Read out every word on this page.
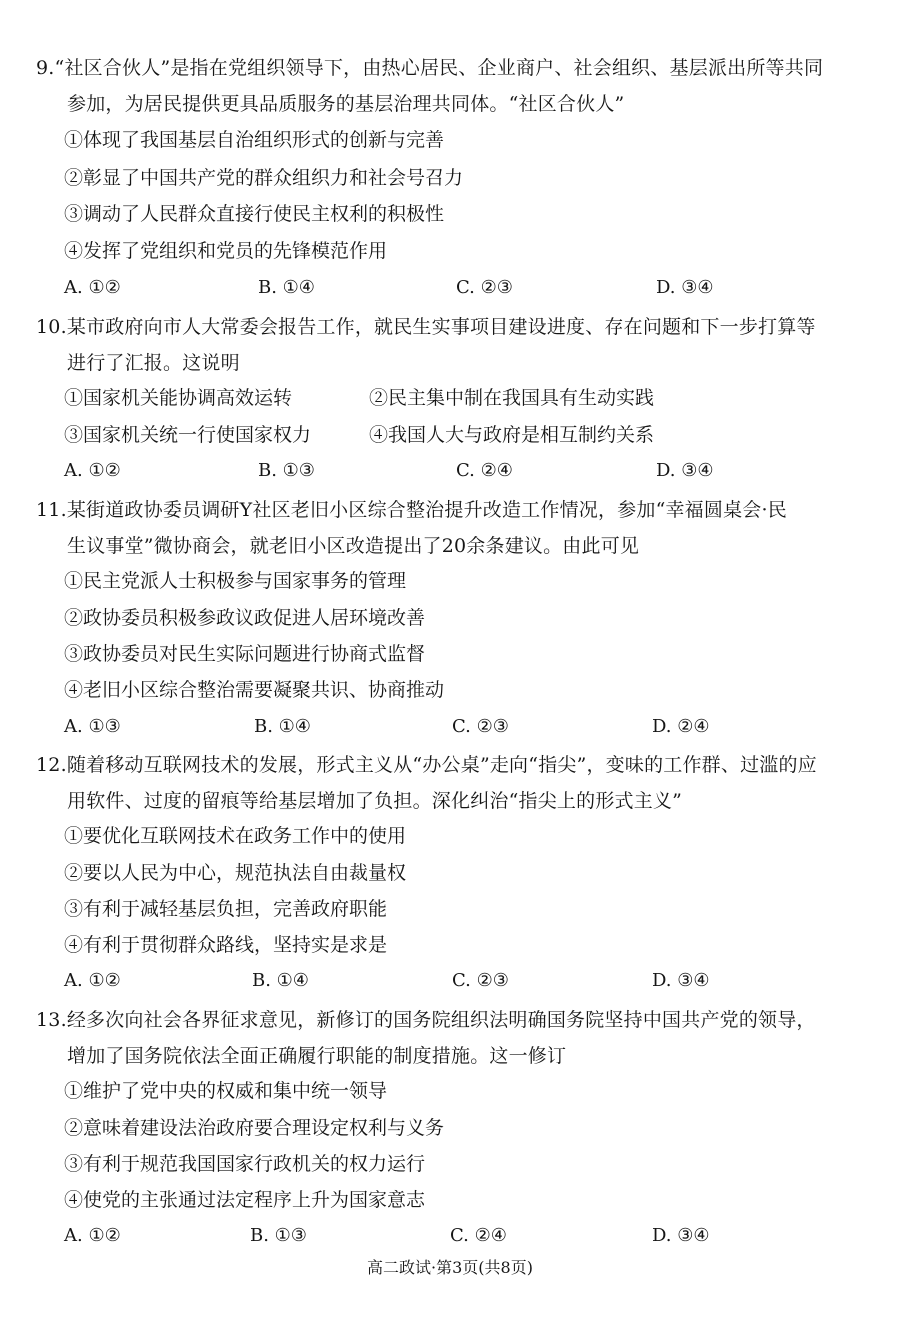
9.“社区合伙人”是指在党组织领导下，由热心居民、企业商户、社会组织、基层派出所等共同
参加，为居民提供更具品质服务的基层治理共同体。“社区合伙人”
①体现了我国基层自治组织形式的创新与完善
②彰显了中国共产党的群众组织力和社会号召力
③调动了人民群众直接行使民主权利的积极性
④发挥了党组织和党员的先锋模范作用
A. ①②	B. ①④	C. ②③	D. ③④
10.某市政府向市人大常委会报告工作，就民生实事项目建设进度、存在问题和下一步打算等
进行了汇报。这说明
①国家机关能协调高效运转	②民主集中制在我国具有生动实践
③国家机关统一行使国家权力	④我国人大与政府是相互制约关系
A. ①②	B. ①③	C. ②④	D. ③④
11.某街道政协委员调研Y社区老旧小区综合整治提升改造工作情况，参加“幸福圆桌会·民
生议事堂”微协商会，就老旧小区改造提出了20余条建议。由此可见
①民主党派人士积极参与国家事务的管理
②政协委员积极参政议政促进人居环境改善
③政协委员对民生实际问题进行协商式监督
④老旧小区综合整治需要凝聚共识、协商推动
A. ①③	B. ①④	C. ②③	D. ②④
12.随着移动互联网技术的发展，形式主义从“办公桌”走向“指尖”，变味的工作群、过滥的应
用软件、过度的留痕等给基层增加了负担。深化纠治“指尖上的形式主义”
①要优化互联网技术在政务工作中的使用
②要以人民为中心，规范执法自由裁量权
③有利于减轻基层负担，完善政府职能
④有利于贯彻群众路线，坚持实是求是
A. ①②	B. ①④	C. ②③	D. ③④
13.经多次向社会各界征求意见，新修订的国务院组织法明确国务院坚持中国共产党的领导，
增加了国务院依法全面正确履行职能的制度措施。这一修订
①维护了党中央的权威和集中统一领导
②意味着建设法治政府要合理设定权利与义务
③有利于规范我国国家行政机关的权力运行
④使党的主张通过法定程序上升为国家意志
A. ①②	B. ①③	C. ②④	D. ③④
高二政试·第3页(共8页)
